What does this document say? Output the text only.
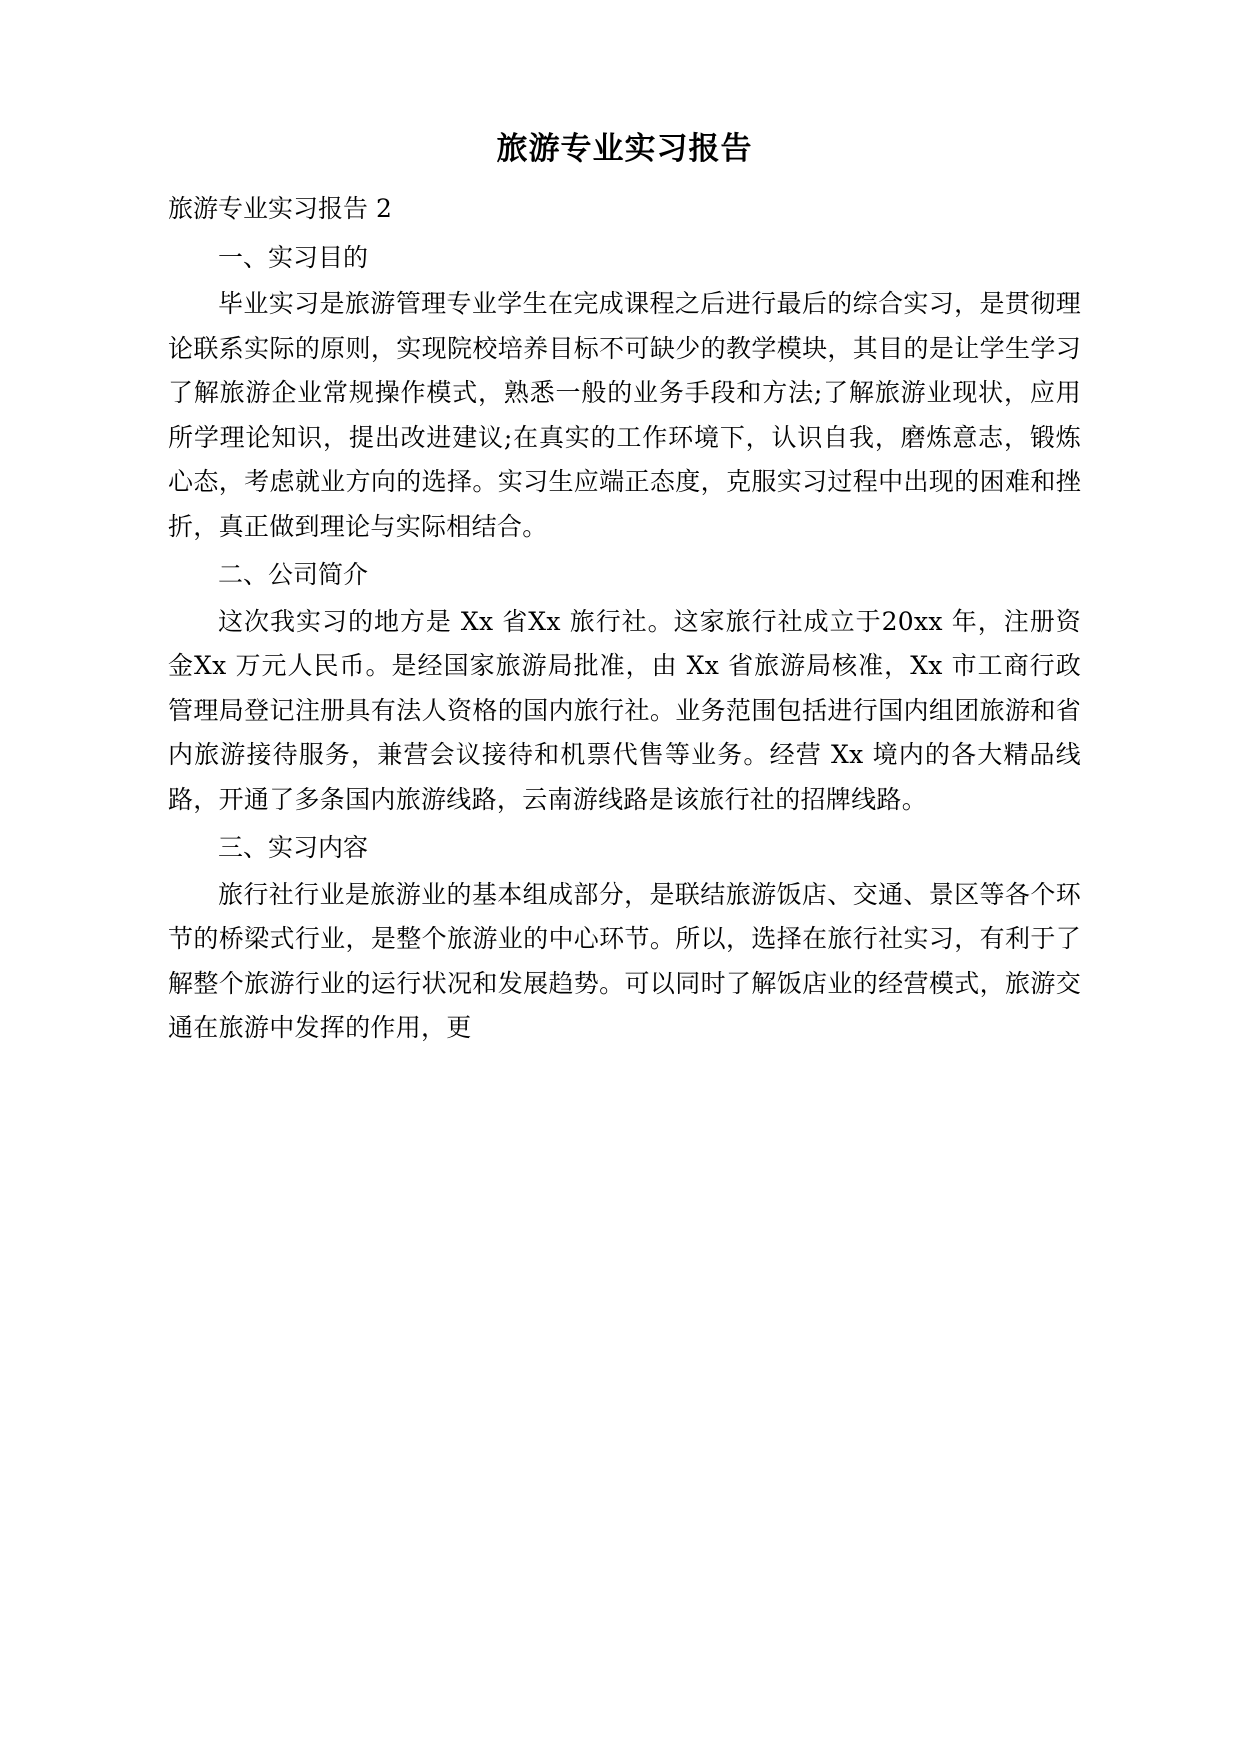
旅游专业实习报告

旅游专业实习报告 2

一、实习目的

毕业实习是旅游管理专业学生在完成课程之后进行最后的综合实习，是贯彻理论联系实际的原则，实现院校培养目标不可缺少的教学模块，其目的是让学生学习了解旅游企业常规操作模式，熟悉一般的业务手段和方法;了解旅游业现状，应用所学理论知识，提出改进建议;在真实的工作环境下，认识自我，磨炼意志，锻炼心态，考虑就业方向的选择。实习生应端正态度，克服实习过程中出现的困难和挫折，真正做到理论与实际相结合。

二、公司简介

这次我实习的地方是 Xx 省Xx 旅行社。这家旅行社成立于20xx 年，注册资金Xx 万元人民币。是经国家旅游局批准，由 Xx 省旅游局核准，Xx 市工商行政管理局登记注册具有法人资格的国内旅行社。业务范围包括进行国内组团旅游和省内旅游接待服务，兼营会议接待和机票代售等业务。经营 Xx 境内的各大精品线路，开通了多条国内旅游线路，云南游线路是该旅行社的招牌线路。

三、实习内容

旅行社行业是旅游业的基本组成部分，是联结旅游饭店、交通、景区等各个环节的桥梁式行业，是整个旅游业的中心环节。所以，选择在旅行社实习，有利于了解整个旅游行业的运行状况和发展趋势。可以同时了解饭店业的经营模式，旅游交通在旅游中发挥的作用，更
